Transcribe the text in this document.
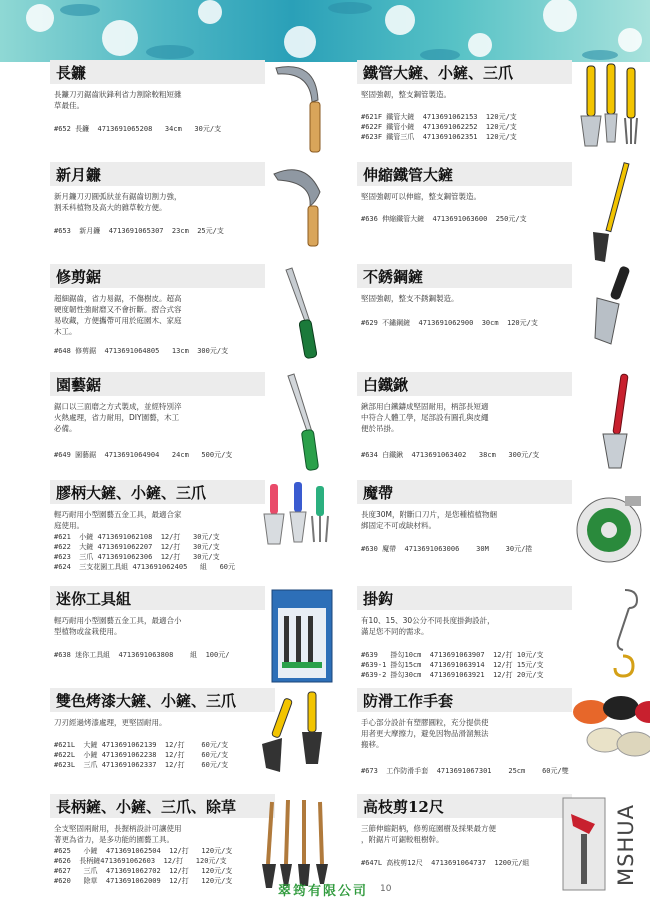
長鐮
長鐮刀刃鋸齒狀鋒利省力割除較粗短雜
草最佳。
#652 長鐮  4713691065208   34cm   30元/支
新月鐮
新月鐮刀刃圓弧狀並有鋸齒切割力強，
割禾科植物及高大的雜草較方便。
#653  新月鐮  4713691065307  23cm  25元/支
修剪鋸
超細鋸齒，省力易鋸，不傷樹皮。超高
硬度韌性強耐磨又不會折斷。摺合式容
易收藏，方便攜帶可用於庭園木、家庭
木工。
#648 修剪鋸  4713691064805   13cm  300元/支
園藝鋸
鋸口以三面磨之方式製成，並經特別淬
火熱處理，省力耐用，DIY園藝，木工
必備。
#649 園藝鋸  4713691064904   24cm   500元/支
膠柄大鏟、小鏟、三爪
輕巧耐用小型園藝五金工具，最適合家
庭使用。
#621  小鏟 4713691062108  12/打   30元/支
#622  大鏟 4713691062207  12/打   30元/支
#623  三爪 4713691062306  12/打   30元/支
#624  三支花園工具組 4713691062405   組   60元
迷你工具組
輕巧耐用小型園藝五金工具，最適合小
型植物或盆栽使用。
#638 迷你工具組  4713691063808    組  100元/
雙色烤漆大鏟、小鏟、三爪
刀刃經過烤漆處理，更堅固耐用。
#621L  大鏟 4713691062139  12/打    60元/支
#622L  小鏟 4713691062238  12/打    60元/支
#623L  三爪 4713691062337  12/打    60元/支
長柄鏟、小鏟、三爪、除草
全支堅固兩耐用，長握柄設計可讓使用
著更為省力，是多功能的園藝工具。
#625   小鏟  4713691062504  12/打   120元/支
#626  長柄鏟4713691062603  12/打   120元/支
#627   三爪  4713691062702  12/打   120元/支
#620   除草  4713691062009  12/打   120元/支
鐵管大鏟、小鏟、三爪
堅固強韌，整支鋼管製造。
#621F 鐵管大鏟  4713691062153  120元/支
#622F 鐵管小鏟  4713691062252  120元/支
#623F 鐵管三爪  4713691062351  120元/支
伸縮鐵管大鏟
堅固強韌可以伸縮，整支鋼管製造。
#636 伸縮鐵管大鏟  4713691063600  250元/支
不銹鋼鏟
堅固強韌，整支不銹鋼製造。
#629 不鏽鋼鏟  4713691062900  30cm  120元/支
白鐵鍬
鍬部用白鐵鑄成堅固耐用，柄部長短適
中符合人體工學，尾部設有圓孔與皮繩
便於吊掛。
#634 白鐵鍬  4713691063402   38cm   300元/支
魔帶
長度30M，附斷口刀片，是您種植植物綑
綁固定不可或缺材料。
#630 魔帶  4713691063006    30M    30元/捲
掛鈎
有10、15、30公分不同長度掛鉤設計，
滿足您不同的需求。
#639   掛勾10cm  4713691063907  12/打 10元/支
#639-1 掛勾15cm  4713691063914  12/打 15元/支
#639-2 掛勾30cm  4713691063921  12/打 20元/支
防滑工作手套
手心部分設計有塑膠圓粒，充分提供使
用者更大摩擦力，避免因物品滑溜無法
搬移。
#673  工作防滑手套  4713691067301    25cm    60元/雙
高枝剪12尺
三節伸縮鋁柄，修剪庭園樹及採果最方便
，附鋸片可鋸較粗樹幹。
#647L 高枝剪12尺  4713691064737  1200元/組
翠筠有限公司 10
MSHUA
